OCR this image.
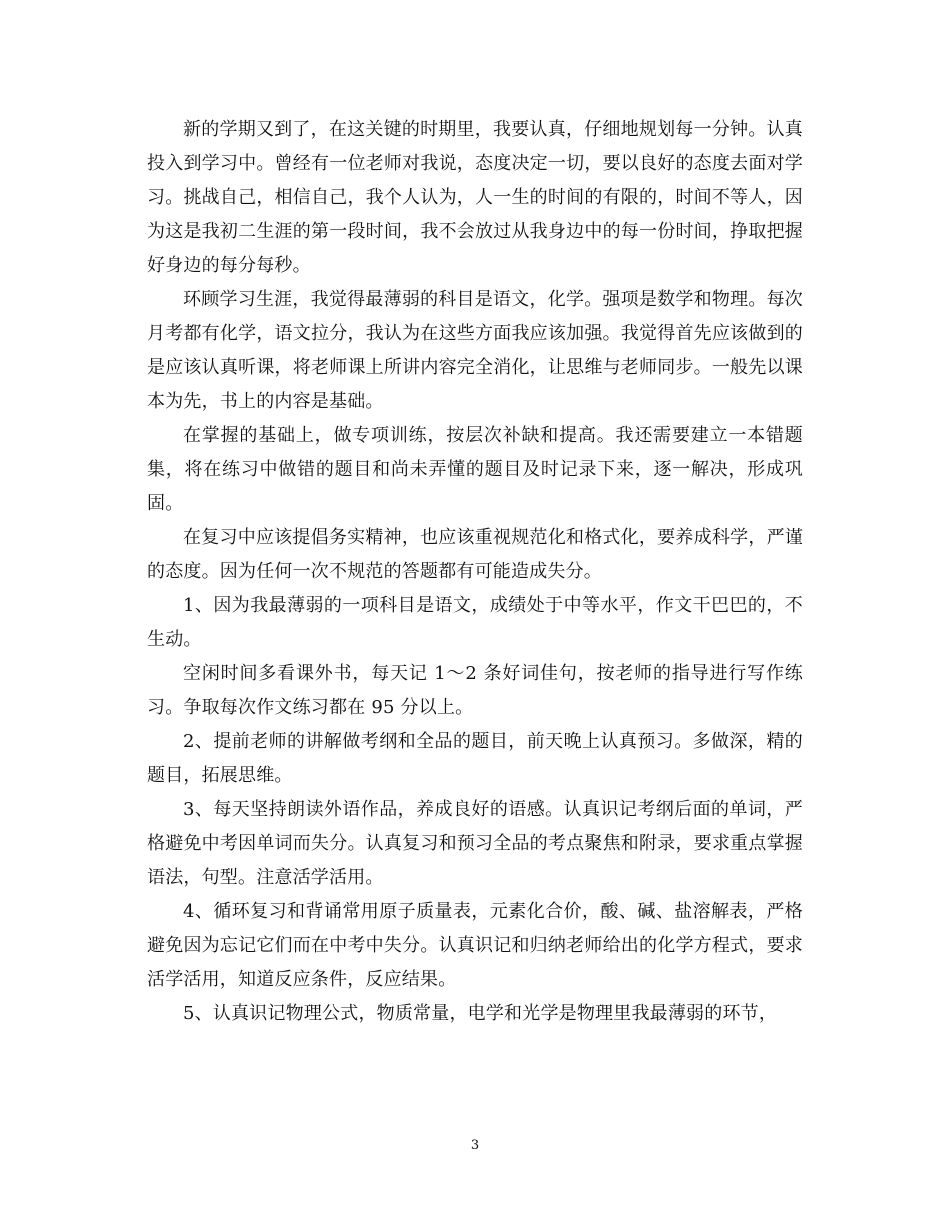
新的学期又到了，在这关键的时期里，我要认真，仔细地规划每一分钟。认真投入到学习中。曾经有一位老师对我说，态度决定一切，要以良好的态度去面对学习。挑战自己，相信自己，我个人认为，人一生的时间的有限的，时间不等人，因为这是我初二生涯的第一段时间，我不会放过从我身边中的每一份时间，挣取把握好身边的每分每秒。

环顾学习生涯，我觉得最薄弱的科目是语文，化学。强项是数学和物理。每次月考都有化学，语文拉分，我认为在这些方面我应该加强。我觉得首先应该做到的是应该认真听课，将老师课上所讲内容完全消化，让思维与老师同步。一般先以课本为先，书上的内容是基础。

在掌握的基础上，做专项训练，按层次补缺和提高。我还需要建立一本错题集，将在练习中做错的题目和尚未弄懂的题目及时记录下来，逐一解决，形成巩固。

在复习中应该提倡务实精神，也应该重视规范化和格式化，要养成科学，严谨的态度。因为任何一次不规范的答题都有可能造成失分。

1、因为我最薄弱的一项科目是语文，成绩处于中等水平，作文干巴巴的，不生动。

空闲时间多看课外书，每天记 1～2 条好词佳句，按老师的指导进行写作练习。争取每次作文练习都在 95 分以上。

2、提前老师的讲解做考纲和全品的题目，前天晚上认真预习。多做深，精的题目，拓展思维。

3、每天坚持朗读外语作品，养成良好的语感。认真识记考纲后面的单词，严格避免中考因单词而失分。认真复习和预习全品的考点聚焦和附录，要求重点掌握语法，句型。注意活学活用。

4、循环复习和背诵常用原子质量表，元素化合价，酸、碱、盐溶解表，严格避免因为忘记它们而在中考中失分。认真识记和归纳老师给出的化学方程式，要求活学活用，知道反应条件，反应结果。

5、认真识记物理公式，物质常量，电学和光学是物理里我最薄弱的环节，

3
